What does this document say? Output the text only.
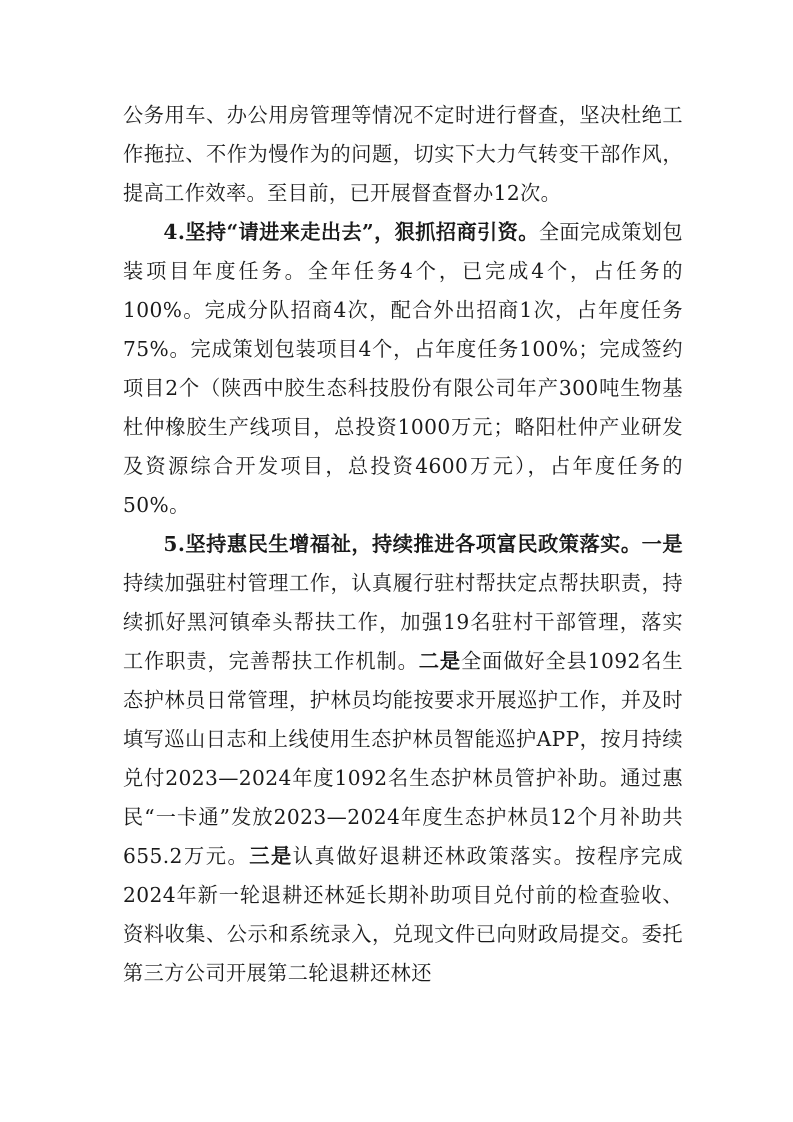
公务用车、办公用房管理等情况不定时进行督查，坚决杜绝工作拖拉、不作为慢作为的问题，切实下大力气转变干部作风，提高工作效率。至目前，已开展督查督办12次。

4.坚持“请进来走出去”，狠抓招商引资。全面完成策划包装项目年度任务。全年任务4个，已完成4个，占任务的100%。完成分队招商4次，配合外出招商1次，占年度任务75%。完成策划包装项目4个，占年度任务100%；完成签约项目2个（陕西中胶生态科技股份有限公司年产300吨生物基杜仲橡胶生产线项目，总投资1000万元；略阳杜仲产业研发及资源综合开发项目，总投资4600万元），占年度任务的50%。

5.坚持惠民生增福祉，持续推进各项富民政策落实。一是持续加强驻村管理工作，认真履行驻村帮扶定点帮扶职责，持续抓好黑河镇牵头帮扶工作，加强19名驻村干部管理，落实工作职责，完善帮扶工作机制。二是全面做好全县1092名生态护林员日常管理，护林员均能按要求开展巡护工作，并及时填写巡山日志和上线使用生态护林员智能巡护APP，按月持续兑付2023—2024年度1092名生态护林员管护补助。通过惠民“一卡通”发放2023—2024年度生态护林员12个月补助共655.2万元。三是认真做好退耕还林政策落实。按程序完成2024年新一轮退耕还林延长期补助项目兑付前的检查验收、资料收集、公示和系统录入，兑现文件已向财政局提交。委托第三方公司开展第二轮退耕还林还
